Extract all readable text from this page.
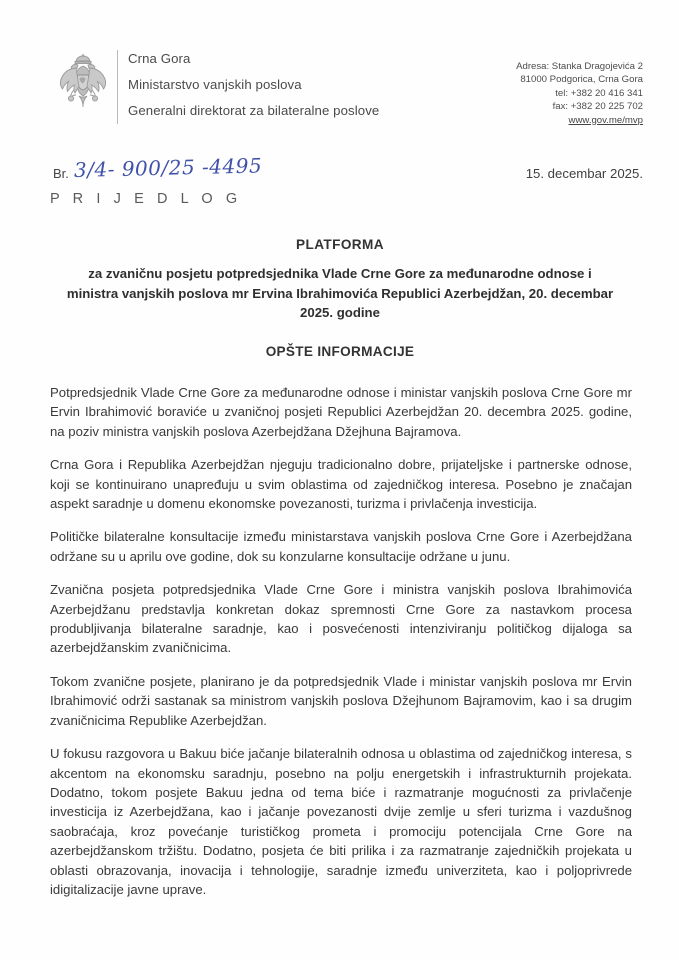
Crna Gora
Ministarstvo vanjskih poslova
Generalni direktorat za bilateralne poslove
Adresa: Stanka Dragojevića 2
81000 Podgorica, Crna Gora
tel: +382 20 416 341
fax: +382 20 225 702
www.gov.me/mvp
Br. 3/4- 900/25 -4495
P R I J E D L O G
15. decembar 2025.
PLATFORMA
za zvaničnu posjetu potpredsjednika Vlade Crne Gore za međunarodne odnose i ministra vanjskih poslova mr Ervina Ibrahimovića Republici Azerbejdžan, 20. decembar 2025. godine
OPŠTE INFORMACIJE

Potpredsjednik Vlade Crne Gore za međunarodne odnose i ministar vanjskih poslova Crne Gore mr Ervin Ibrahimović boraviće u zvaničnoj posjeti Republici Azerbejdžan 20. decembra 2025. godine, na poziv ministra vanjskih poslova Azerbejdžana Džejhuna Bajramova.

Crna Gora i Republika Azerbejdžan njeguju tradicionalno dobre, prijateljske i partnerske odnose, koji se kontinuirano unapređuju u svim oblastima od zajedničkog interesa. Posebno je značajan aspekt saradnje u domenu ekonomske povezanosti, turizma i privlačenja investicija.

Političke bilateralne konsultacije između ministarstava vanjskih poslova Crne Gore i Azerbejdžana održane su u aprilu ove godine, dok su konzularne konsultacije održane u junu.

Zvanična posjeta potpredsjednika Vlade Crne Gore i ministra vanjskih poslova Ibrahimovića Azerbejdžanu predstavlja konkretan dokaz spremnosti Crne Gore za nastavkom procesa produbljivanja bilateralne saradnje, kao i posvećenosti intenziviranju političkog dijaloga sa azerbejdžanskim zvaničnicima.

Tokom zvanične posjete, planirano je da potpredsjednik Vlade i ministar vanjskih poslova mr Ervin Ibrahimović održi sastanak sa ministrom vanjskih poslova Džejhunom Bajramovim, kao i sa drugim zvaničnicima Republike Azerbejdžan.

U fokusu razgovora u Bakuu biće jačanje bilateralnih odnosa u oblastima od zajedničkog interesa, s akcentom na ekonomsku saradnju, posebno na polju energetskih i infrastrukturnih projekata. Dodatno, tokom posjete Bakuu jedna od tema biće i razmatranje mogućnosti za privlačenje investicija iz Azerbejdžana, kao i jačanje povezanosti dvije zemlje u sferi turizma i vazdušnog saobraćaja, kroz povećanje turističkog prometa i promociju potencijala Crne Gore na azerbejdžanskom tržištu. Dodatno, posjeta će biti prilika i za razmatranje zajedničkih projekata u oblasti obrazovanja, inovacija i tehnologije, saradnje između univerziteta, kao i poljoprivrede idigitalizacije javne uprave.
